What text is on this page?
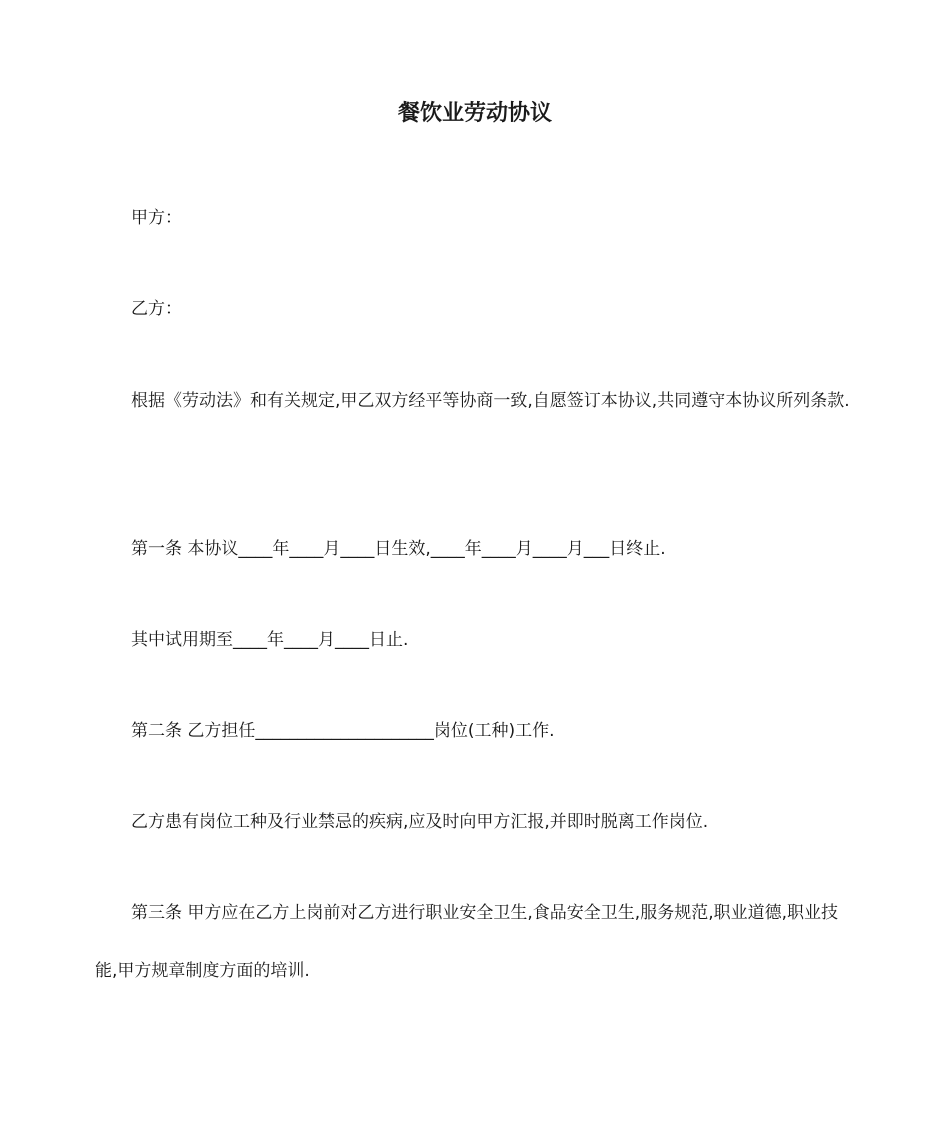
餐饮业劳动协议

甲方：

乙方：

根据《劳动法》和有关规定,甲乙双方经平等协商一致,自愿签订本协议,共同遵守本协议所列条款.

第一条 本协议____年____月____日生效,____年____月____月___日终止.

其中试用期至____年____月____日止.

第二条 乙方担任_____________________岗位(工种)工作.

乙方患有岗位工种及行业禁忌的疾病,应及时向甲方汇报,并即时脱离工作岗位.

第三条 甲方应在乙方上岗前对乙方进行职业安全卫生,食品安全卫生,服务规范,职业道德,职业技能,甲方规章制度方面的培训.
